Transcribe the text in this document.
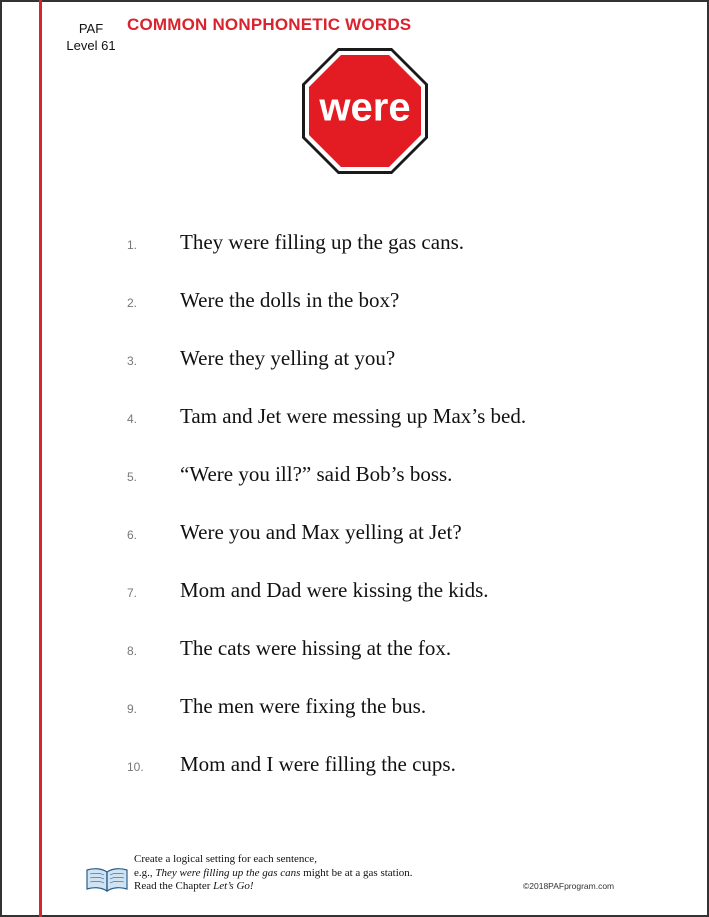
PAF
Level 61
COMMON NONPHONETIC WORDS
were
1.	They were filling up the gas cans.
2.	Were the dolls in the box?
3.	Were they yelling at you?
4.	Tam and Jet were messing up Max’s bed.
5.	“Were you ill?” said Bob’s boss.
6.	Were you and Max yelling at Jet?
7.	Mom and Dad were kissing the kids.
8.	The cats were hissing at the fox.
9.	The men were fixing the bus.
10.	Mom and I were filling the cups.
Create a logical setting for each sentence,
e.g., They were filling up the gas cans might be at a gas station.
Read the Chapter Let’s Go!	©2018PAFprogram.com
